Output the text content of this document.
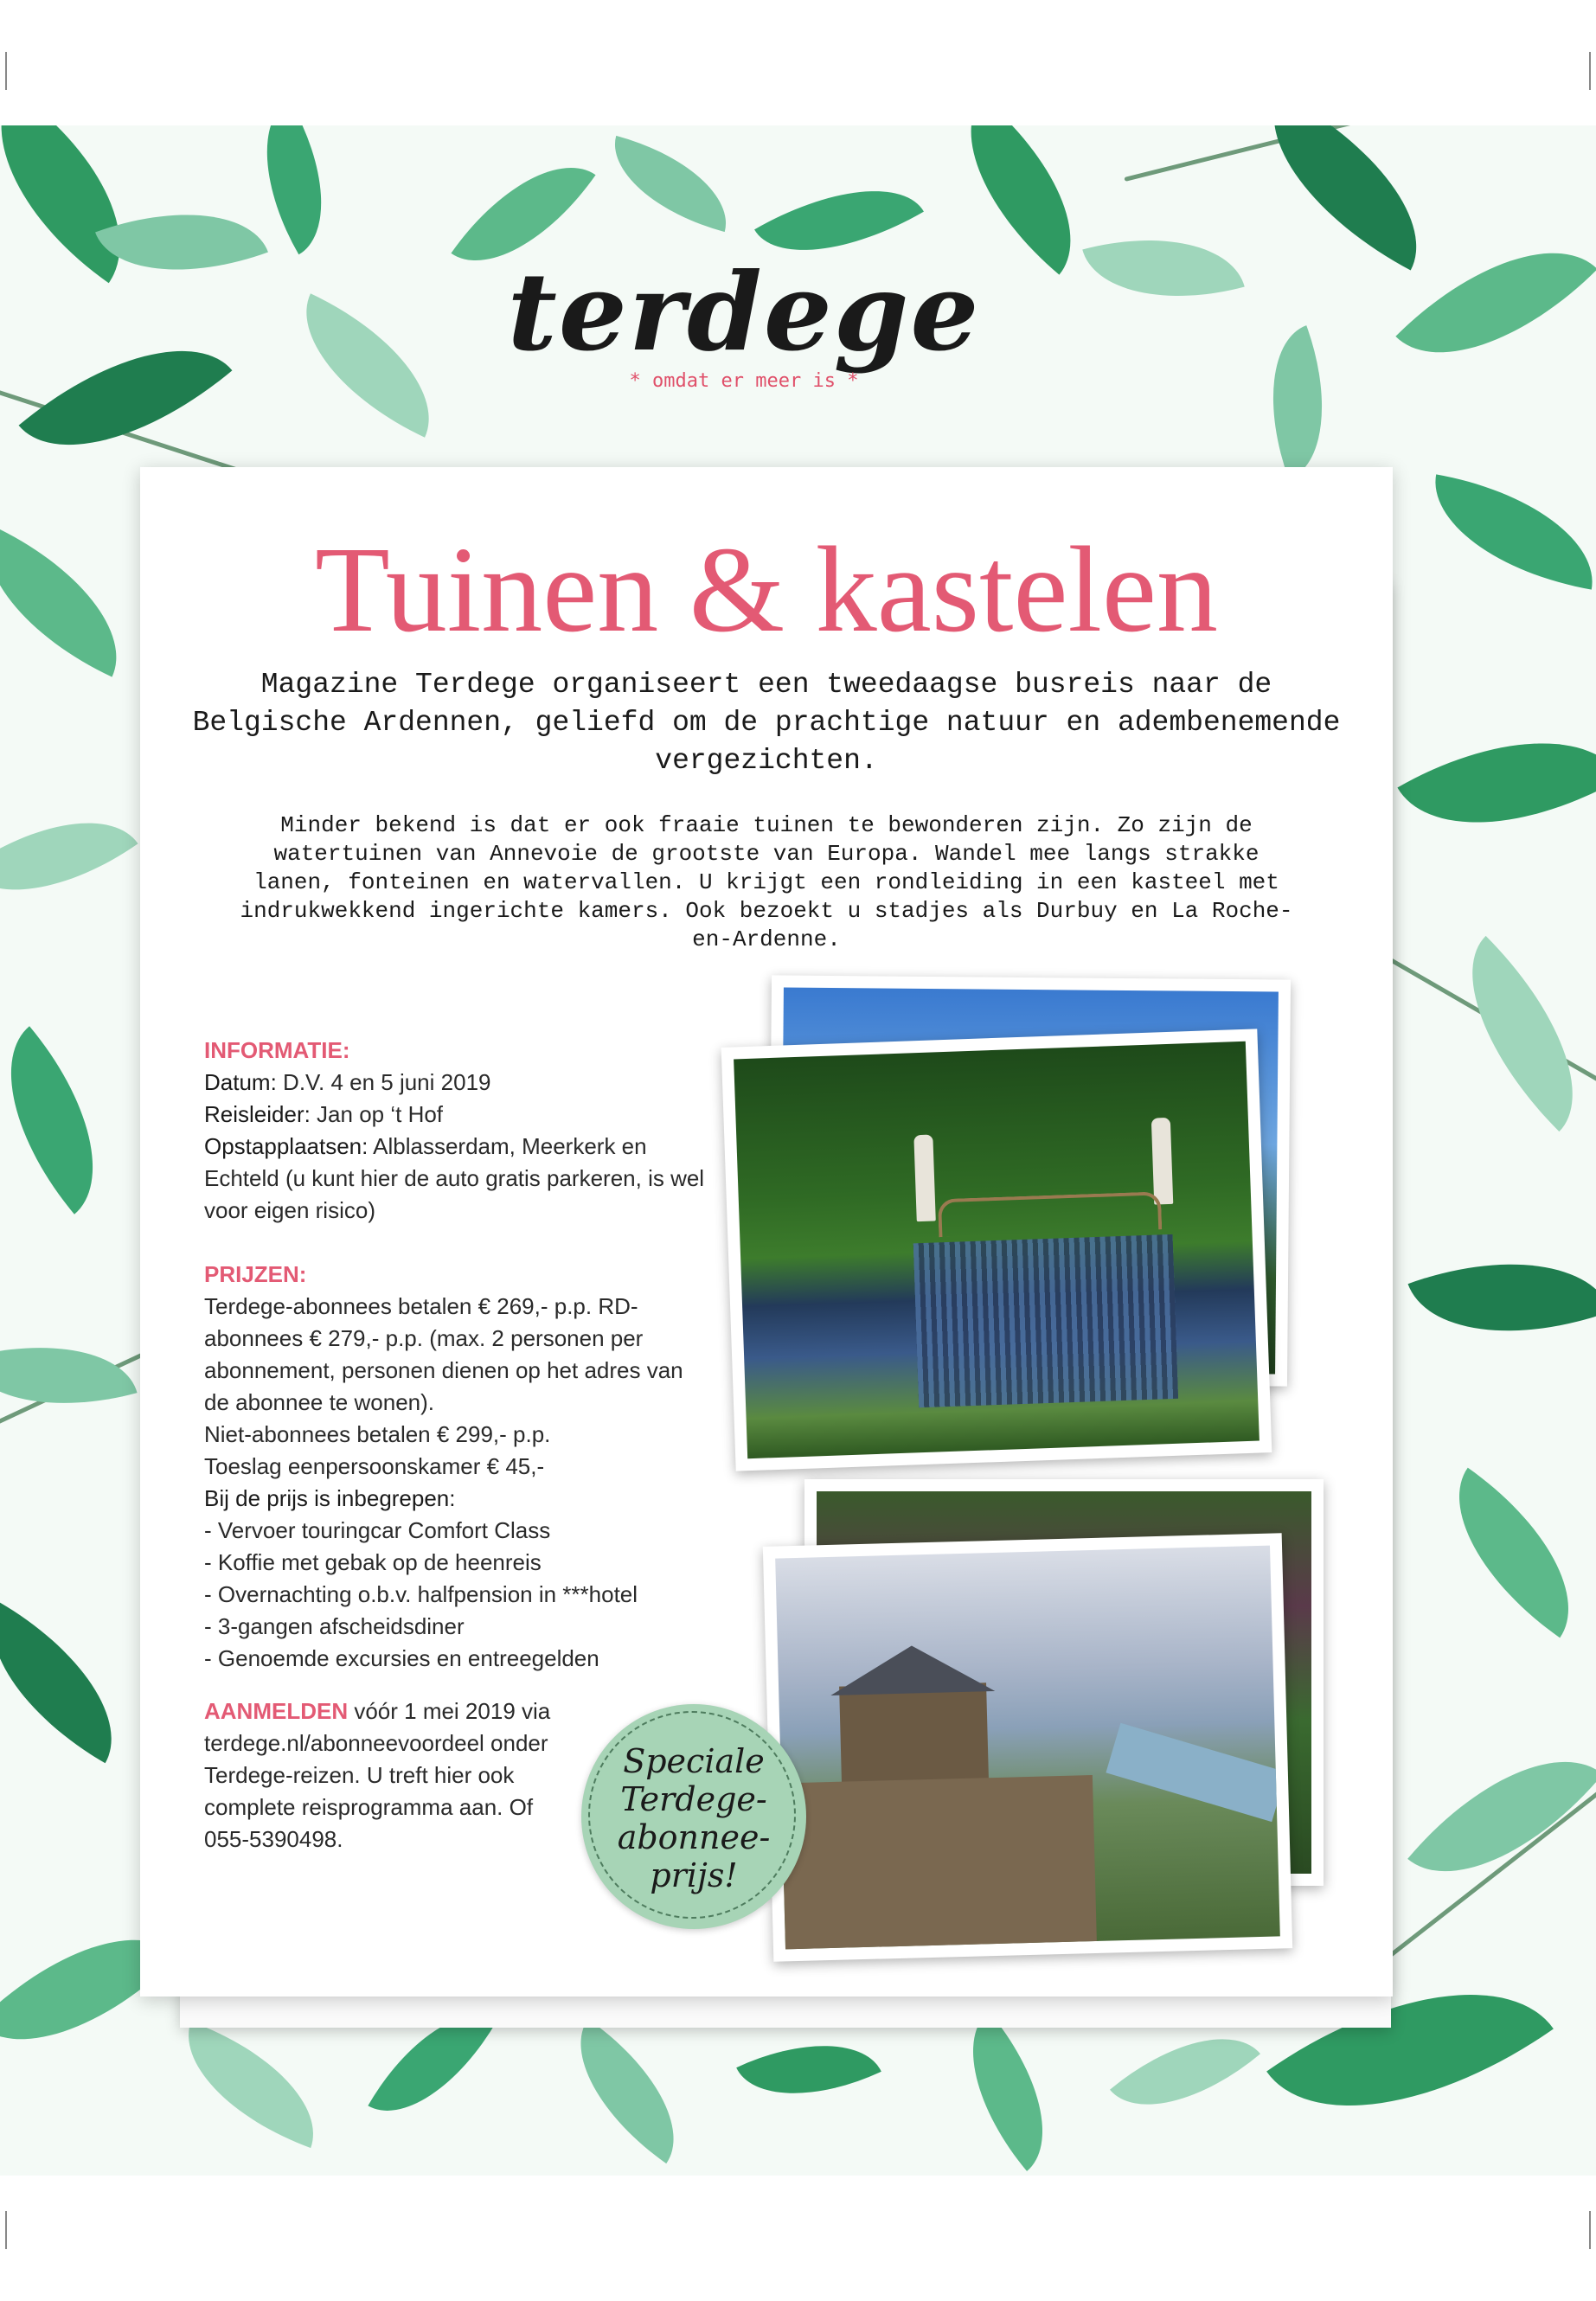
terdege
* omdat er meer is *
Tuinen & kastelen
Magazine Terdege organiseert een tweedaagse busreis naar de Belgische Ardennen, geliefd om de prachtige natuur en adembenemende vergezichten.
Minder bekend is dat er ook fraaie tuinen te bewonderen zijn. Zo zijn de watertuinen van Annevoie de grootste van Europa. Wandel mee langs strakke lanen, fonteinen en watervallen. U krijgt een rondleiding in een kasteel met indrukwekkend ingerichte kamers. Ook bezoekt u stadjes als Durbuy en La Roche-en-Ardenne.
INFORMATIE:
Datum: D.V. 4 en 5 juni 2019
Reisleider: Jan op ‘t Hof
Opstapplaatsen: Alblasserdam, Meerkerk en Echteld (u kunt hier de auto gratis parkeren, is wel voor eigen risico)
PRIJZEN:
Terdege-abonnees betalen € 269,- p.p. RD-abonnees € 279,- p.p. (max. 2 personen per abonnement, personen dienen op het adres van de abonnee te wonen).
Niet-abonnees betalen € 299,- p.p.
Toeslag eenpersoonskamer € 45,-
Bij de prijs is inbegrepen:
- Vervoer touringcar Comfort Class
- Koffie met gebak op de heenreis
- Overnachting o.b.v. halfpension in ***hotel
- 3-gangen afscheidsdiner
- Genoemde excursies en entreegelden
AANMELDEN vóór 1 mei 2019 via terdege.nl/abonneevoordeel onder Terdege-reizen. U treft hier ook complete reisprogramma aan. Of 055-5390498.
Speciale
Terdege-
abonnee-
prijs!
